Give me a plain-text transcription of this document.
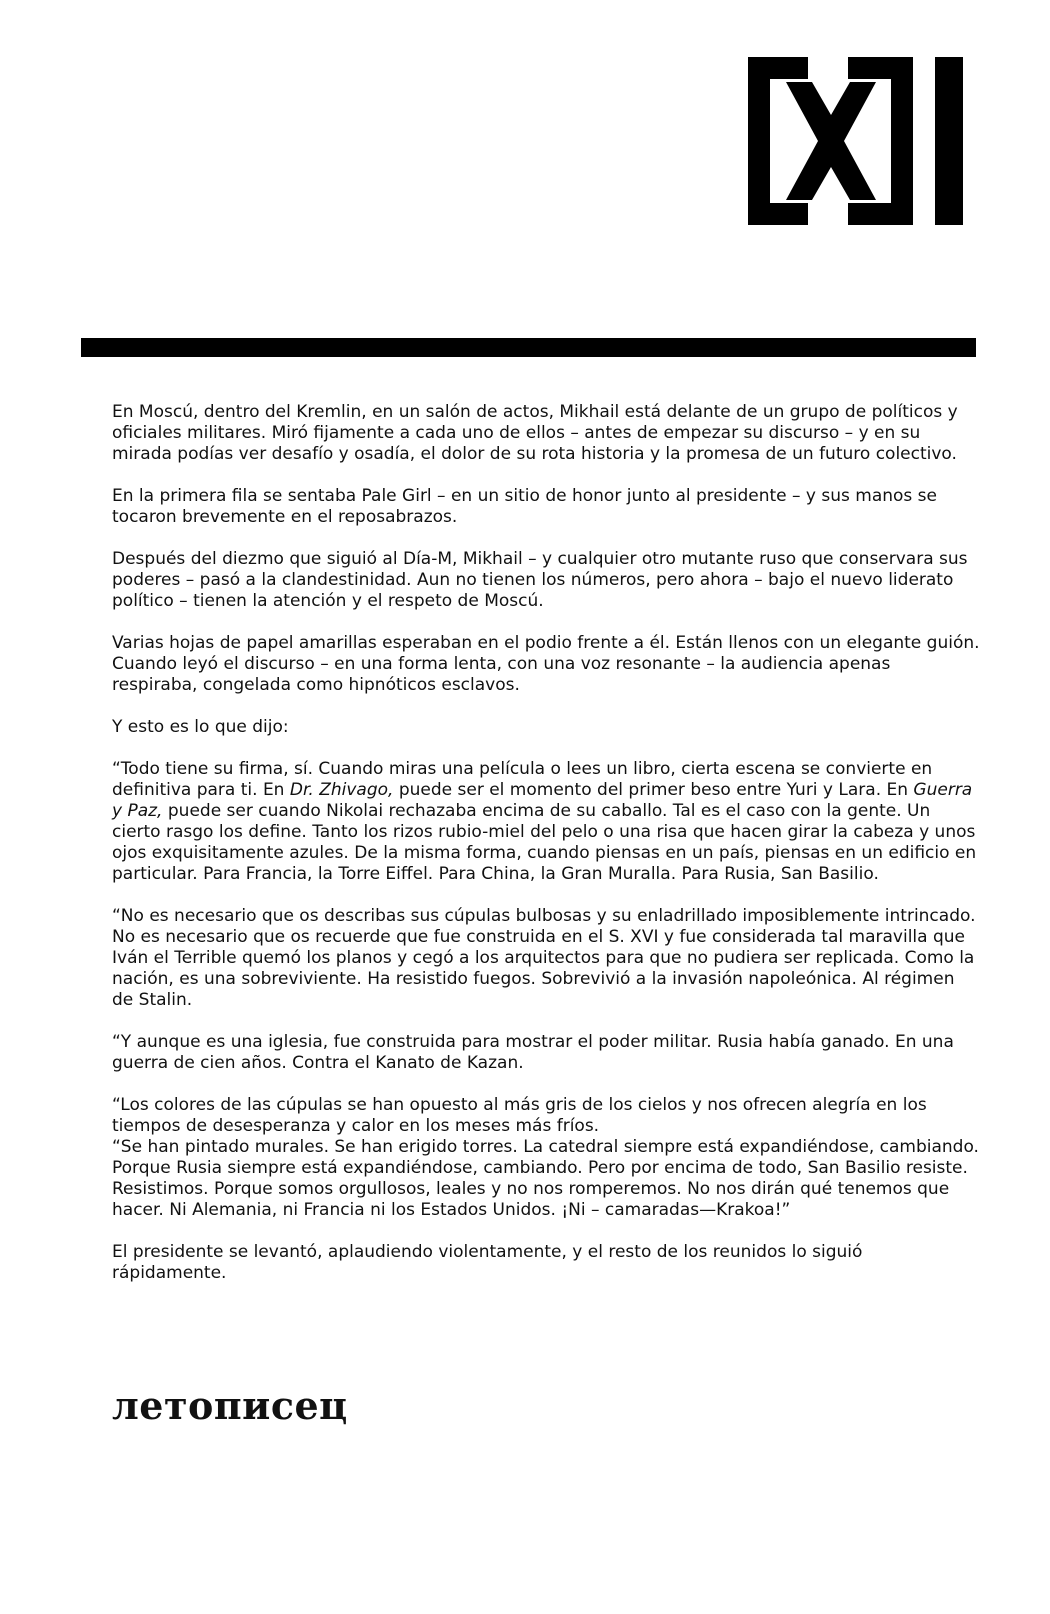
En Moscú, dentro del Kremlin, en un salón de actos, Mikhail está delante de un grupo de políticos y oficiales militares. Miró fijamente a cada uno de ellos – antes de empezar su discurso – y en su mirada podías ver desafío y osadía, el dolor de su rota historia y la promesa de un futuro colectivo.

En la primera fila se sentaba Pale Girl – en un sitio de honor junto al presidente – y sus manos se tocaron brevemente en el reposabrazos.

Después del diezmo que siguió al Día-M, Mikhail – y cualquier otro mutante ruso que conservara sus poderes – pasó a la clandestinidad. Aun no tienen los números, pero ahora – bajo el nuevo liderato político – tienen la atención y el respeto de Moscú.

Varias hojas de papel amarillas esperaban en el podio frente a él. Están llenos con un elegante guión. Cuando leyó el discurso – en una forma lenta, con una voz resonante – la audiencia apenas respiraba, congelada como hipnóticos esclavos.

Y esto es lo que dijo:

“Todo tiene su firma, sí. Cuando miras una película o lees un libro, cierta escena se convierte en definitiva para ti. En Dr. Zhivago, puede ser el momento del primer beso entre Yuri y Lara. En Guerra y Paz, puede ser cuando Nikolai rechazaba encima de su caballo. Tal es el caso con la gente. Un cierto rasgo los define. Tanto los rizos rubio-miel del pelo o una risa que hacen girar la cabeza y unos ojos exquisitamente azules. De la misma forma, cuando piensas en un país, piensas en un edificio en particular. Para Francia, la Torre Eiffel. Para China, la Gran Muralla. Para Rusia, San Basilio.

“No es necesario que os describas sus cúpulas bulbosas y su enladrillado imposiblemente intrincado. No es necesario que os recuerde que fue construida en el S. XVI y fue considerada tal maravilla que Iván el Terrible quemó los planos y cegó a los arquitectos para que no pudiera ser replicada. Como la nación, es una sobreviviente. Ha resistido fuegos. Sobrevivió a la invasión napoleónica. Al régimen de Stalin.

“Y aunque es una iglesia, fue construida para mostrar el poder militar. Rusia había ganado. En una guerra de cien años. Contra el Kanato de Kazan.

“Los colores de las cúpulas se han opuesto al más gris de los cielos y nos ofrecen alegría en los tiempos de desesperanza y calor en los meses más fríos.

“Se han pintado murales. Se han erigido torres. La catedral siempre está expandiéndose, cambiando. Porque Rusia siempre está expandiéndose, cambiando. Pero por encima de todo, San Basilio resiste. Resistimos. Porque somos orgullosos, leales y no nos romperemos. No nos dirán qué tenemos que hacer. Ni Alemania, ni Francia ni los Estados Unidos. ¡Ni – camaradas—Krakoa!”

El presidente se levantó, aplaudiendo violentamente, y el resto de los reunidos lo siguió rápidamente.

летописец
